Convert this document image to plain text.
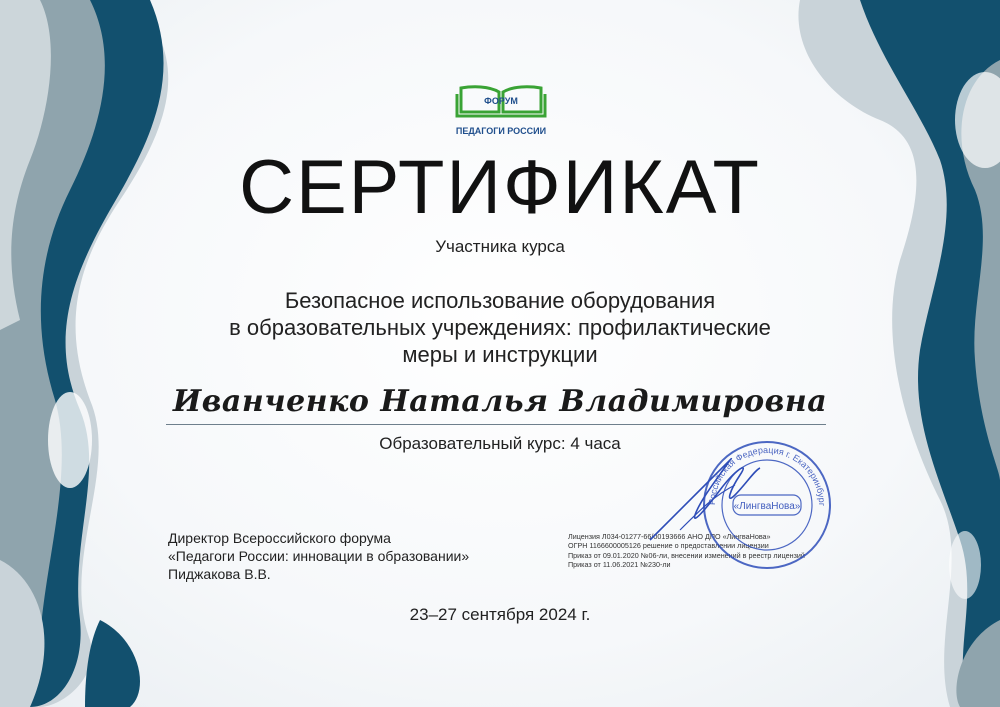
ФОРУМ
ПЕДАГОГИ РОССИИ
СЕРТИФИКАТ
Участника курса
Безопасное использование оборудования
в образовательных учреждениях: профилактические
меры и инструкции
Иванченко Наталья Владимировна
Образовательный курс: 4 часа
Директор Всероссийского форума
«Педагоги России: инновации в образовании»
Пиджакова В.В.
Лицензия Л034-01277-66/00193666 АНО ДПО «ЛингваНова»
ОГРН 1166600005126 решение о предоставлении лицензии
Приказ от 09.01.2020 №06-ли, внесении изменений в реестр лицензий
Приказ от 11.06.2021 №230-ли
Российская Федерация г. Екатеринбург
«ЛингваНова»
23–27 сентября 2024 г.
